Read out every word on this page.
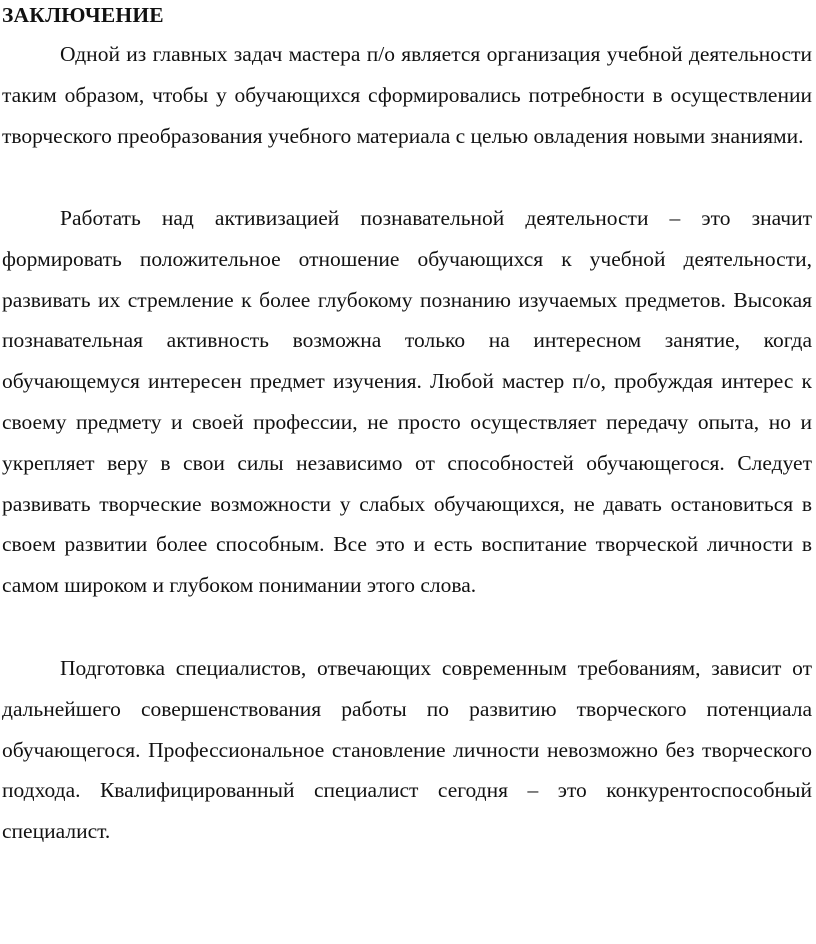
ЗАКЛЮЧЕНИЕ

Одной из главных задач мастера п/о является организация учебной деятельности таким образом, чтобы у обучающихся сформировались потребности в осуществлении творческого преобразования учебного материала с целью овладения новыми знаниями.

Работать над активизацией познавательной деятельности – это значит формировать положительное отношение обучающихся к учебной деятельности, развивать их стремление к более глубокому познанию изучаемых предметов. Высокая познавательная активность возможна только на интересном занятие, когда обучающемуся интересен предмет изучения. Любой мастер п/о, пробуждая интерес к своему предмету и своей профессии, не просто осуществляет передачу опыта, но и укрепляет веру в свои силы независимо от способностей обучающегося. Следует развивать творческие возможности у слабых обучающихся, не давать остановиться в своем развитии более способным. Все это и есть воспитание творческой личности в самом широком и глубоком понимании этого слова.

Подготовка специалистов, отвечающих современным требованиям, зависит от дальнейшего совершенствования работы по развитию творческого потенциала обучающегося. Профессиональное становление личности невозможно без творческого подхода. Квалифицированный специалист сегодня – это конкурентоспособный специалист.
